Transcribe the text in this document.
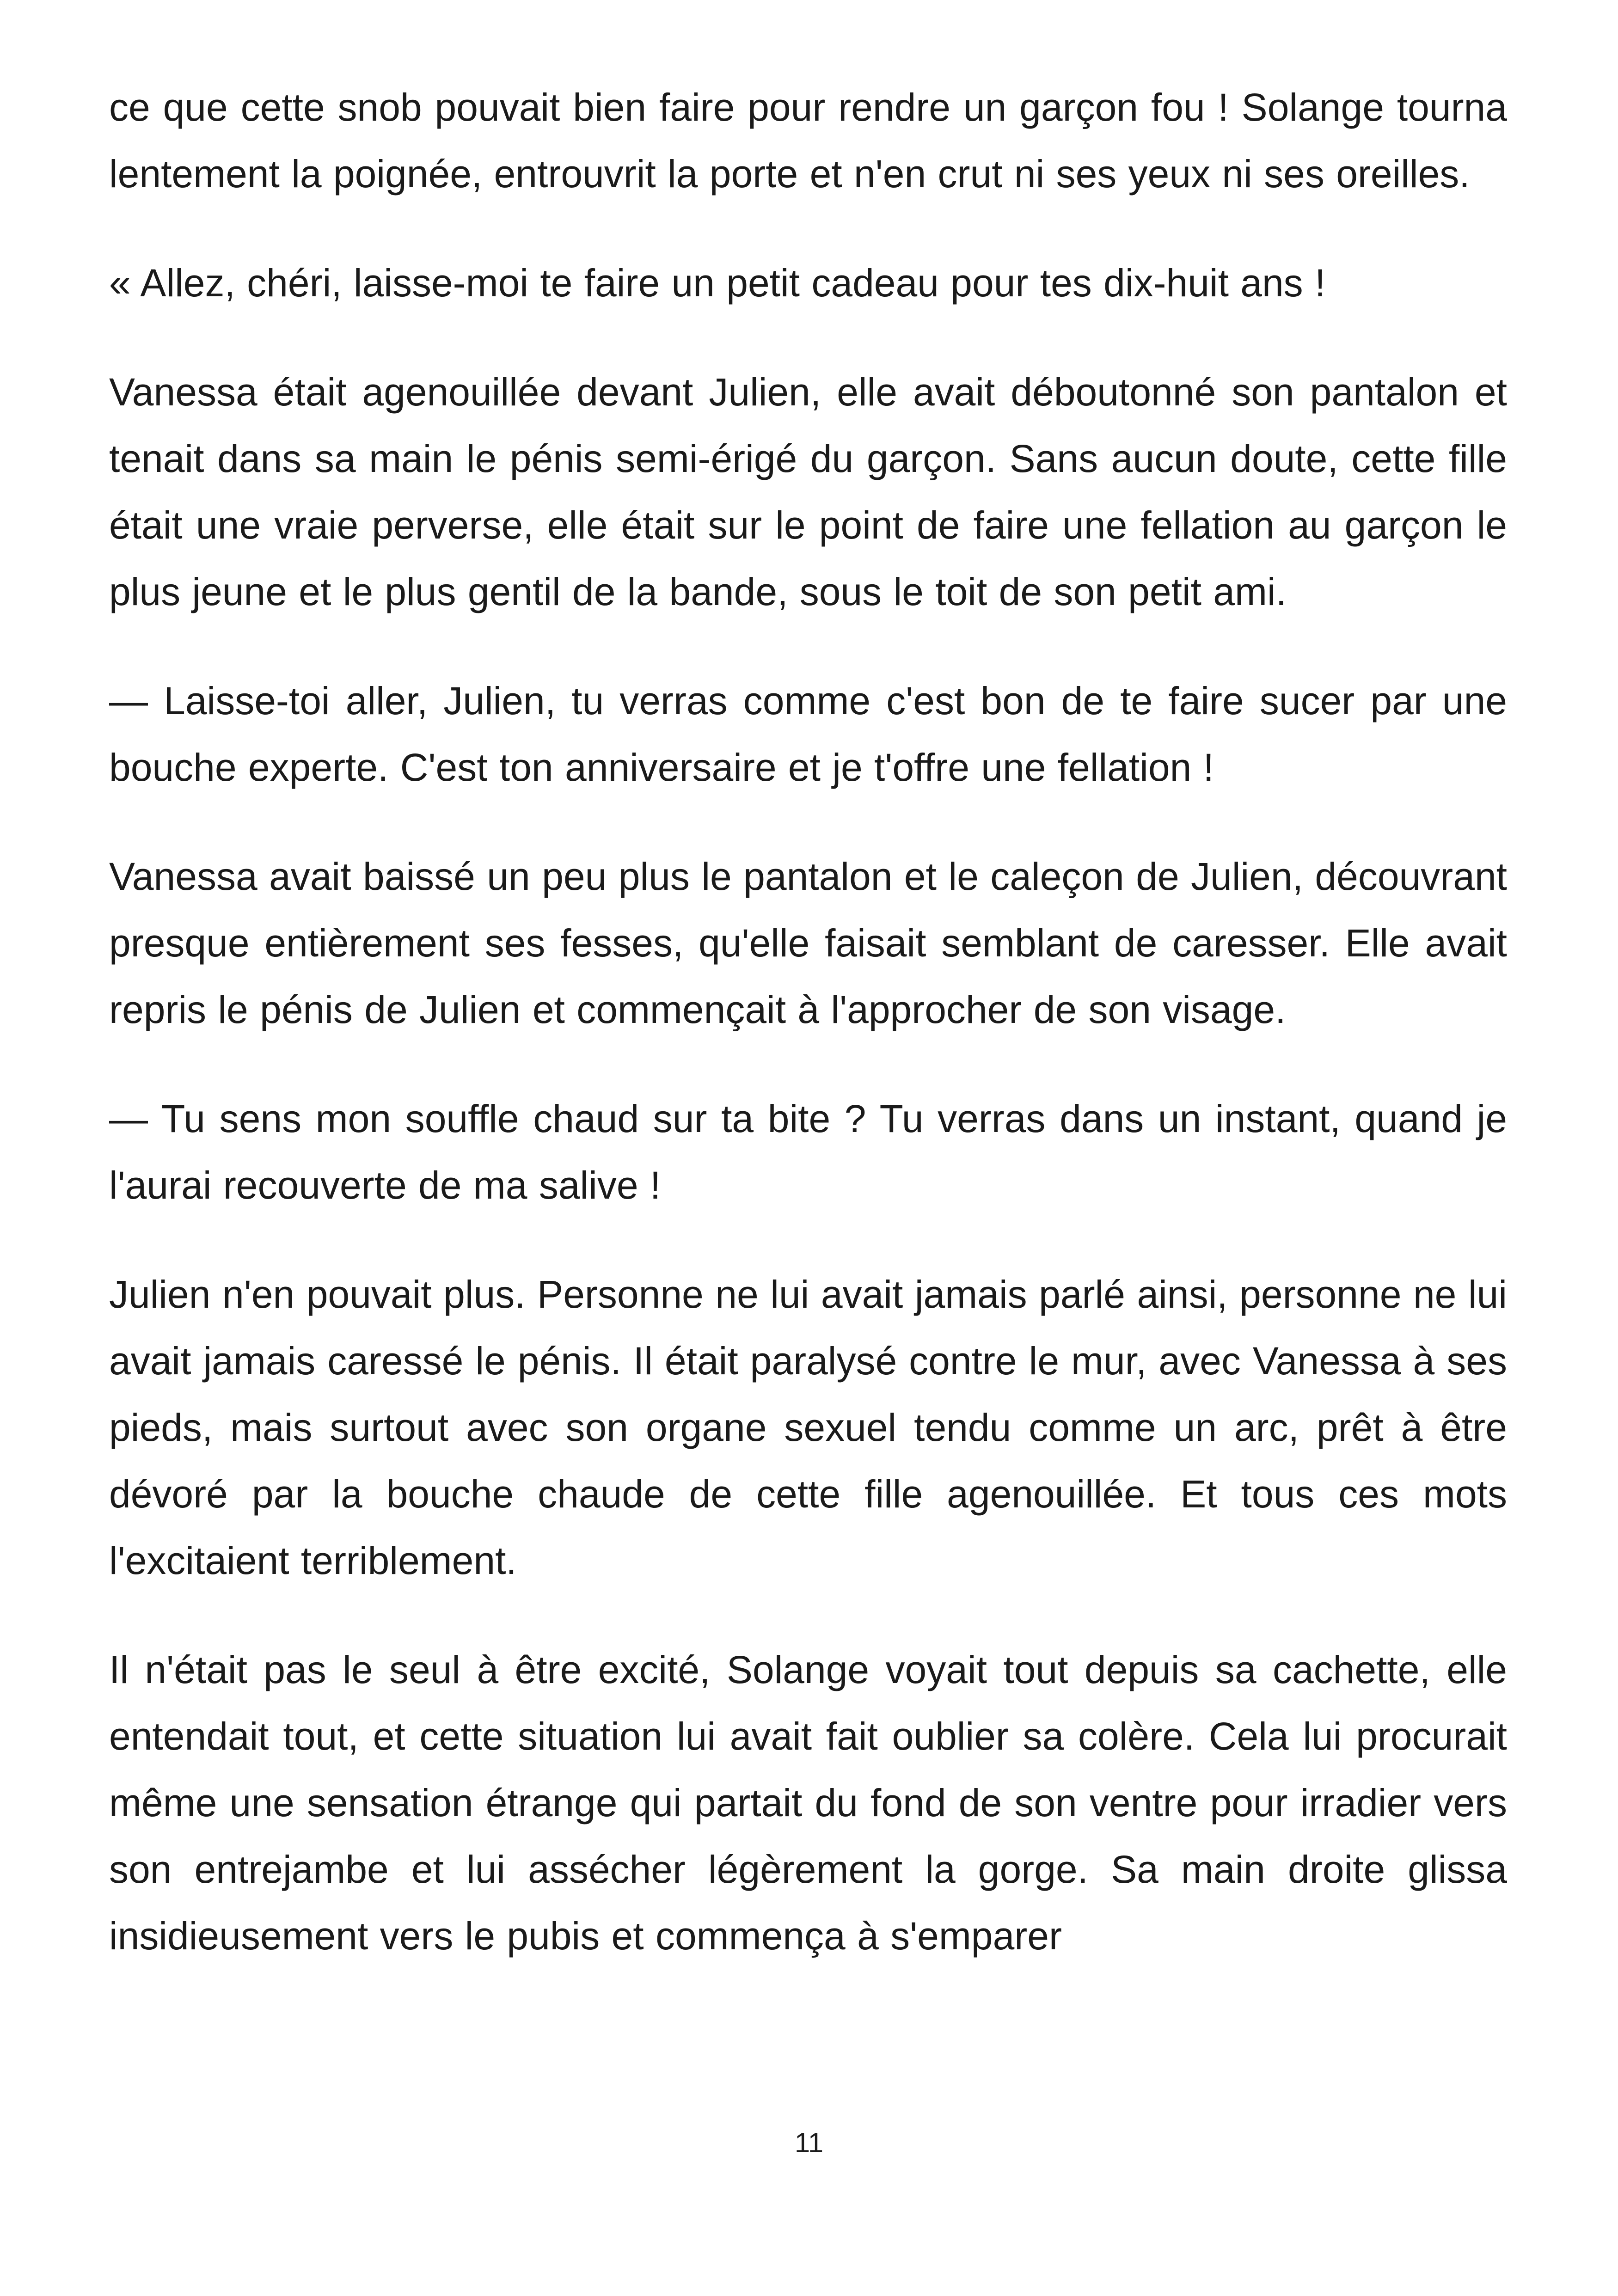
ce que cette snob pouvait bien faire pour rendre un garçon fou ! Solange tourna lentement la poignée, entrouvrit la porte et n'en crut ni ses yeux ni ses oreilles.

« Allez, chéri, laisse-moi te faire un petit cadeau pour tes dix-huit ans !

Vanessa était agenouillée devant Julien, elle avait déboutonné son pantalon et tenait dans sa main le pénis semi-érigé du garçon. Sans aucun doute, cette fille était une vraie perverse, elle était sur le point de faire une fellation au garçon le plus jeune et le plus gentil de la bande, sous le toit de son petit ami.

— Laisse-toi aller, Julien, tu verras comme c'est bon de te faire sucer par une bouche experte. C'est ton anniversaire et je t'offre une fellation !

Vanessa avait baissé un peu plus le pantalon et le caleçon de Julien, découvrant presque entièrement ses fesses, qu'elle faisait semblant de caresser. Elle avait repris le pénis de Julien et commençait à l'approcher de son visage.

— Tu sens mon souffle chaud sur ta bite ? Tu verras dans un instant, quand je l'aurai recouverte de ma salive !

Julien n'en pouvait plus. Personne ne lui avait jamais parlé ainsi, personne ne lui avait jamais caressé le pénis. Il était paralysé contre le mur, avec Vanessa à ses pieds, mais surtout avec son organe sexuel tendu comme un arc, prêt à être dévoré par la bouche chaude de cette fille agenouillée. Et tous ces mots l'excitaient terriblement.

Il n'était pas le seul à être excité, Solange voyait tout depuis sa cachette, elle entendait tout, et cette situation lui avait fait oublier sa colère. Cela lui procurait même une sensation étrange qui partait du fond de son ventre pour irradier vers son entrejambe et lui assécher légèrement la gorge. Sa main droite glissa insidieusement vers le pubis et commença à s'emparer

11
